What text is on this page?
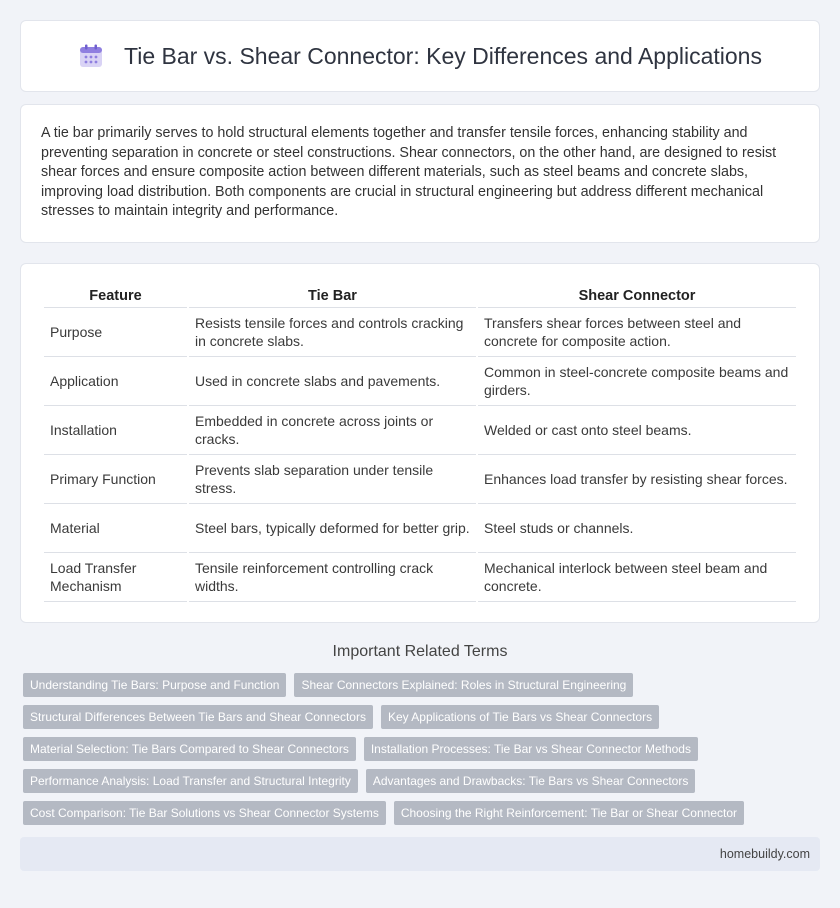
Tie Bar vs. Shear Connector: Key Differences and Applications

A tie bar primarily serves to hold structural elements together and transfer tensile forces, enhancing stability and preventing separation in concrete or steel constructions. Shear connectors, on the other hand, are designed to resist shear forces and ensure composite action between different materials, such as steel beams and concrete slabs, improving load distribution. Both components are crucial in structural engineering but address different mechanical stresses to maintain integrity and performance.

Feature	Tie Bar	Shear Connector
Purpose	Resists tensile forces and controls cracking in concrete slabs.	Transfers shear forces between steel and concrete for composite action.
Application	Used in concrete slabs and pavements.	Common in steel-concrete composite beams and girders.
Installation	Embedded in concrete across joints or cracks.	Welded or cast onto steel beams.
Primary Function	Prevents slab separation under tensile stress.	Enhances load transfer by resisting shear forces.
Material	Steel bars, typically deformed for better grip.	Steel studs or channels.
Load Transfer Mechanism	Tensile reinforcement controlling crack widths.	Mechanical interlock between steel beam and concrete.
Important Related Terms
Understanding Tie Bars: Purpose and Function	Shear Connectors Explained: Roles in Structural Engineering
Structural Differences Between Tie Bars and Shear Connectors	Key Applications of Tie Bars vs Shear Connectors
Material Selection: Tie Bars Compared to Shear Connectors	Installation Processes: Tie Bar vs Shear Connector Methods
Performance Analysis: Load Transfer and Structural Integrity	Advantages and Drawbacks: Tie Bars vs Shear Connectors
Cost Comparison: Tie Bar Solutions vs Shear Connector Systems	Choosing the Right Reinforcement: Tie Bar or Shear Connector
homebuildy.com
